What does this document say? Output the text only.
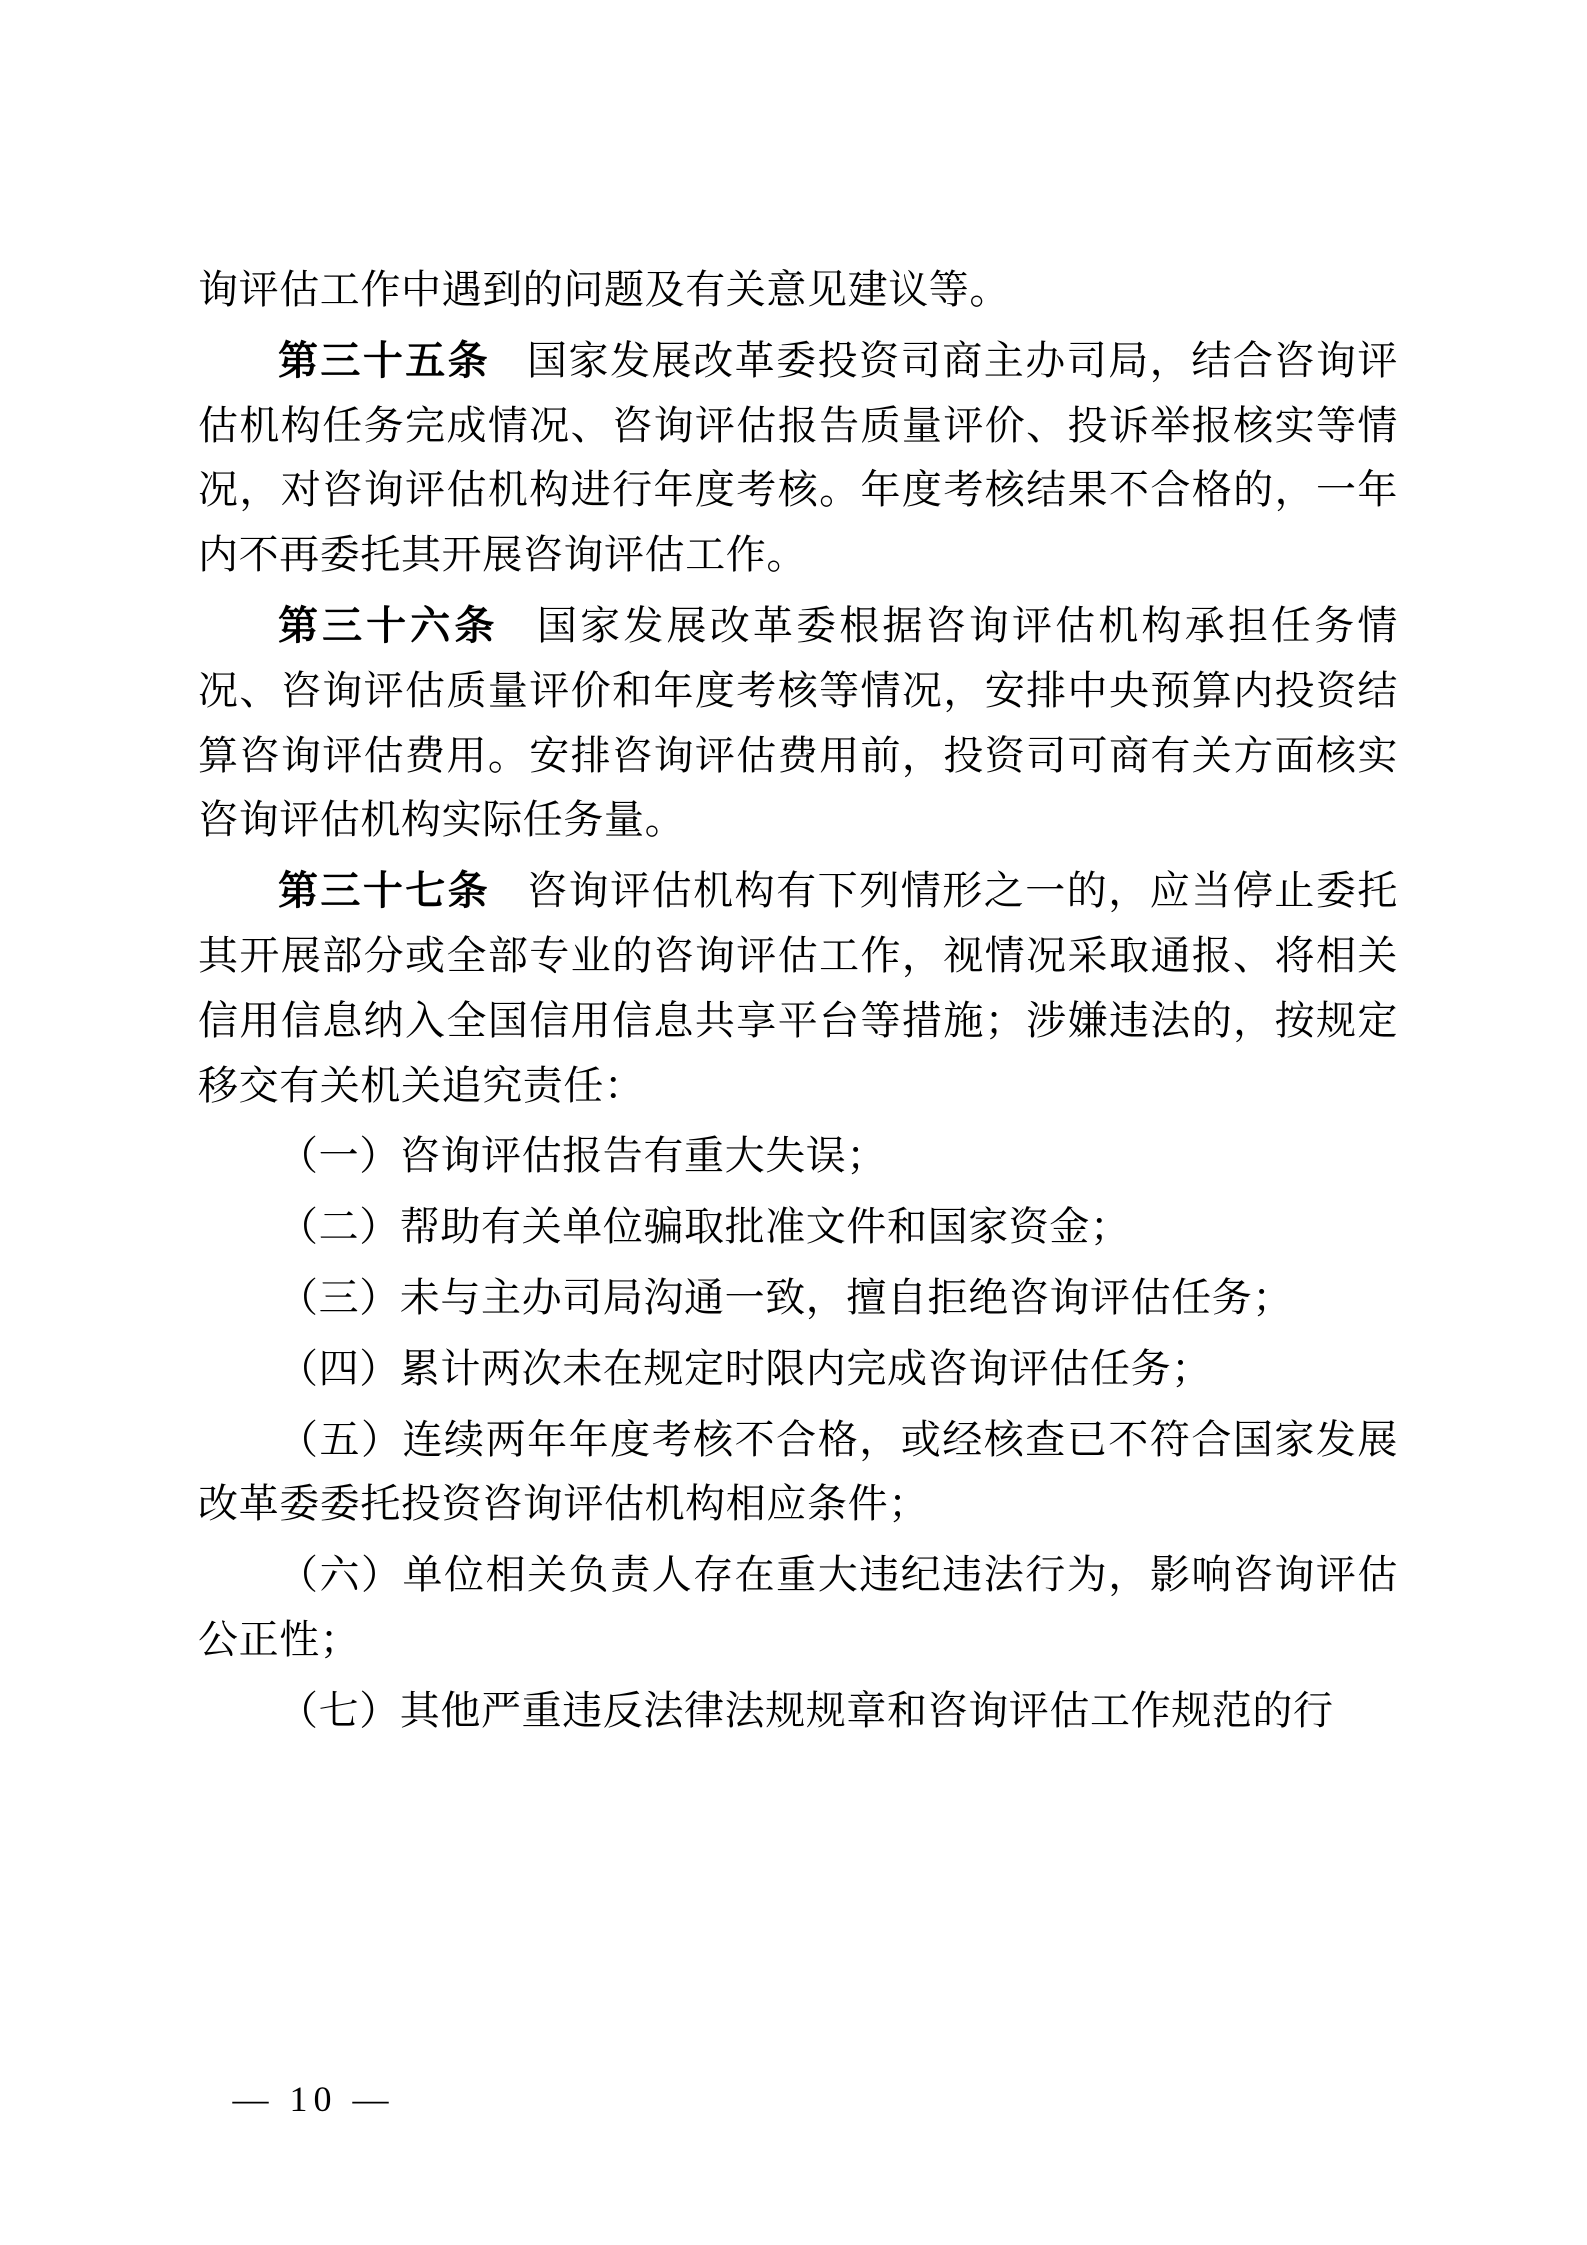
询评估工作中遇到的问题及有关意见建议等。

第三十五条 国家发展改革委投资司商主办司局，结合咨询评估机构任务完成情况、咨询评估报告质量评价、投诉举报核实等情况，对咨询评估机构进行年度考核。年度考核结果不合格的，一年内不再委托其开展咨询评估工作。

第三十六条 国家发展改革委根据咨询评估机构承担任务情况、咨询评估质量评价和年度考核等情况，安排中央预算内投资结算咨询评估费用。安排咨询评估费用前，投资司可商有关方面核实咨询评估机构实际任务量。

第三十七条 咨询评估机构有下列情形之一的，应当停止委托其开展部分或全部专业的咨询评估工作，视情况采取通报、将相关信用信息纳入全国信用信息共享平台等措施；涉嫌违法的，按规定移交有关机关追究责任：

（一）咨询评估报告有重大失误；

（二）帮助有关单位骗取批准文件和国家资金；

（三）未与主办司局沟通一致，擅自拒绝咨询评估任务；

（四）累计两次未在规定时限内完成咨询评估任务；

（五）连续两年年度考核不合格，或经核查已不符合国家发展改革委委托投资咨询评估机构相应条件；

（六）单位相关负责人存在重大违纪违法行为，影响咨询评估公正性；

（七）其他严重违反法律法规规章和咨询评估工作规范的行

— 10 —
